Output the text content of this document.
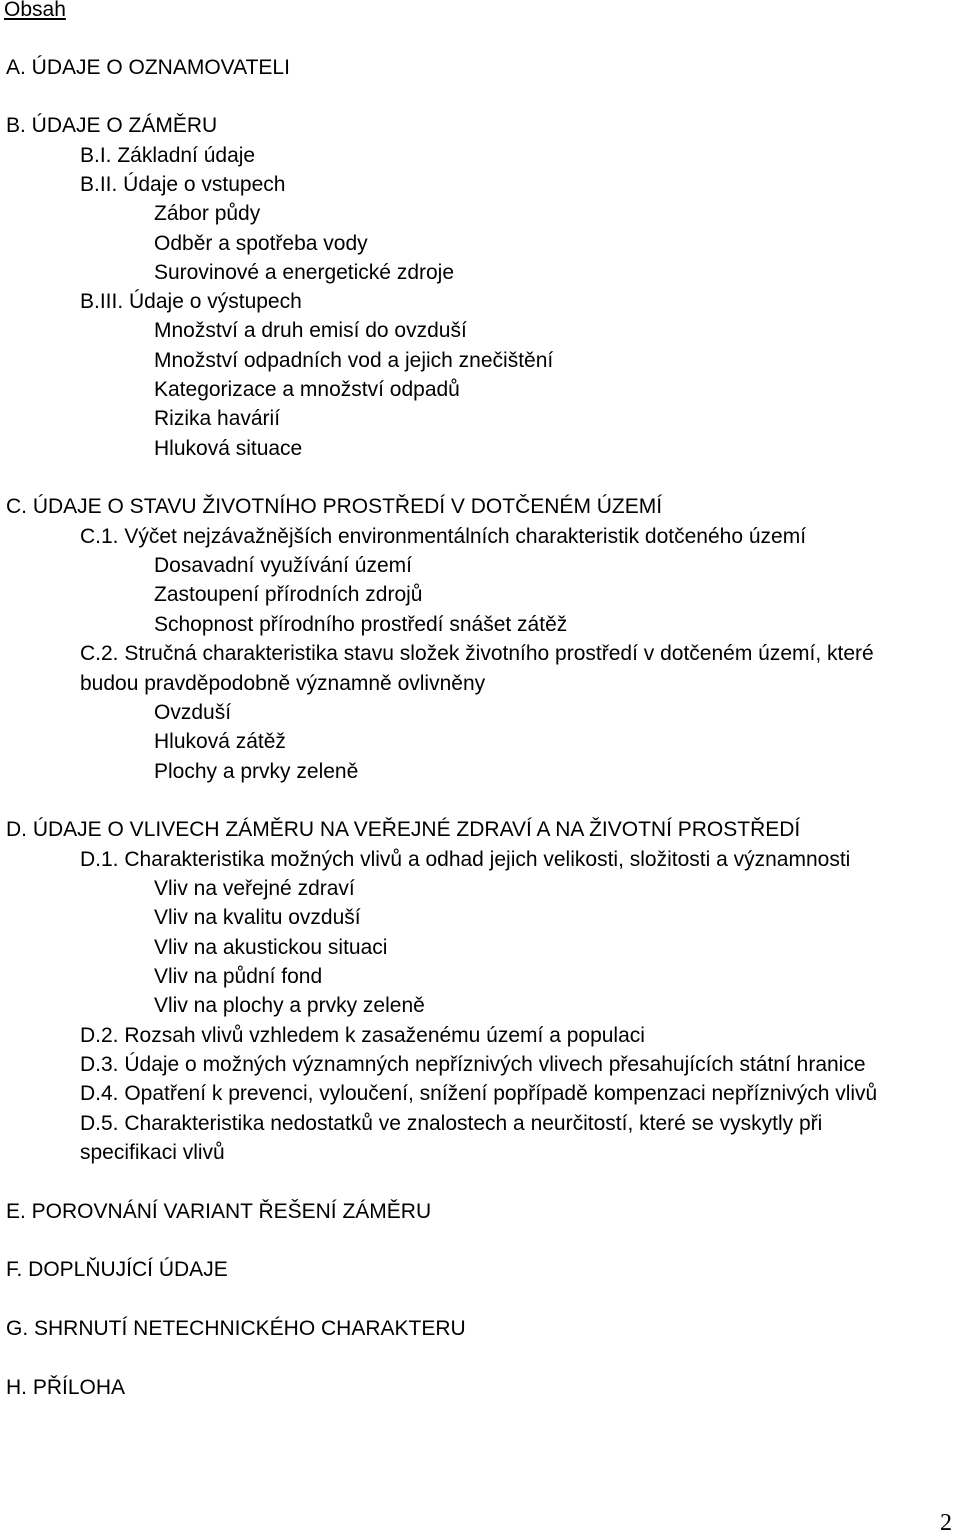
Obsah
A. ÚDAJE O OZNAMOVATELI
B. ÚDAJE O ZÁMĚRU
B.I. Základní údaje
B.II. Údaje o vstupech
Zábor půdy
Odběr a spotřeba vody
Surovinové a energetické zdroje
B.III. Údaje o výstupech
Množství a druh emisí do ovzduší
Množství odpadních vod a jejich znečištění
Kategorizace a množství odpadů
Rizika havárií
Hluková situace
C. ÚDAJE O STAVU ŽIVOTNÍHO PROSTŘEDÍ V DOTČENÉM ÚZEMÍ
C.1. Výčet nejzávažnějších environmentálních charakteristik dotčeného území
Dosavadní využívání území
Zastoupení přírodních zdrojů
Schopnost přírodního prostředí snášet zátěž
C.2. Stručná charakteristika stavu složek životního prostředí v dotčeném území, které
budou pravděpodobně významně ovlivněny
Ovzduší
Hluková zátěž
Plochy a prvky zeleně
D. ÚDAJE O VLIVECH ZÁMĚRU NA VEŘEJNÉ ZDRAVÍ A NA ŽIVOTNÍ PROSTŘEDÍ
D.1. Charakteristika možných vlivů a odhad jejich velikosti, složitosti a významnosti
Vliv na veřejné zdraví
Vliv na kvalitu ovzduší
Vliv na akustickou situaci
Vliv na půdní fond
Vliv na plochy a prvky zeleně
D.2. Rozsah vlivů vzhledem k zasaženému území a populaci
D.3. Údaje o možných významných nepříznivých vlivech přesahujících státní hranice
D.4. Opatření k prevenci, vyloučení, snížení popřípadě kompenzaci nepříznivých vlivů
D.5. Charakteristika nedostatků ve znalostech a neurčitostí, které se vyskytly při
specifikaci vlivů
E. POROVNÁNÍ VARIANT ŘEŠENÍ ZÁMĚRU
F. DOPLŇUJÍCÍ ÚDAJE
G. SHRNUTÍ NETECHNICKÉHO CHARAKTERU
H. PŘÍLOHA
2
